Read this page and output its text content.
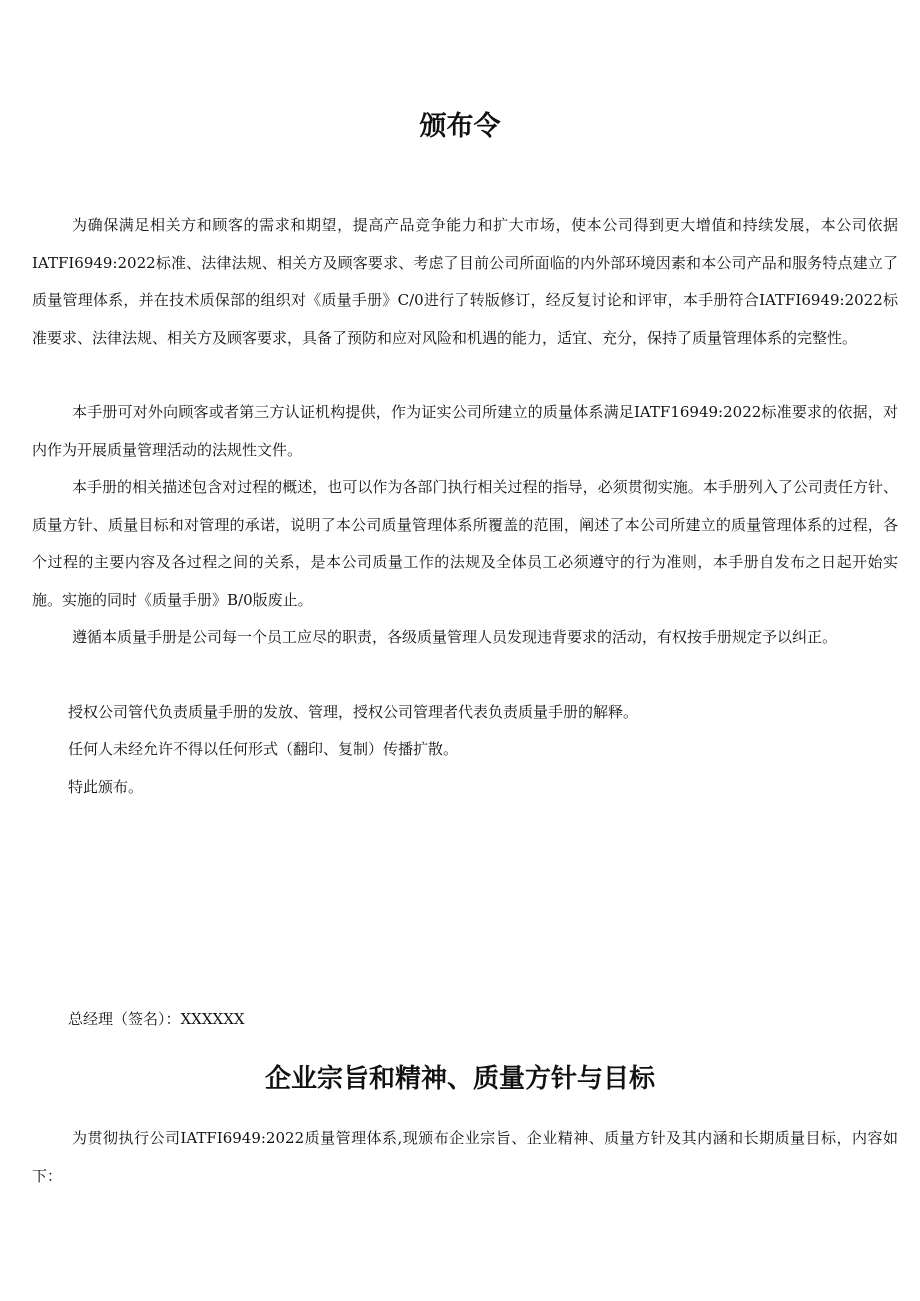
颁布令

为确保满足相关方和顾客的需求和期望，提高产品竞争能力和扩大市场，使本公司得到更大增值和持续发展，本公司依据IATFI6949:2022标准、法律法规、相关方及顾客要求、考虑了目前公司所面临的内外部环境因素和本公司产品和服务特点建立了质量管理体系，并在技术质保部的组织对《质量手册》C/0进行了转版修订，经反复讨论和评审，本手册符合IATFI6949:2022标准要求、法律法规、相关方及顾客要求，具备了预防和应对风险和机遇的能力，适宜、充分，保持了质量管理体系的完整性。

本手册可对外向顾客或者第三方认证机构提供，作为证实公司所建立的质量体系满足IATF16949:2022标准要求的依据，对内作为开展质量管理活动的法规性文件。

本手册的相关描述包含对过程的概述，也可以作为各部门执行相关过程的指导，必须贯彻实施。本手册列入了公司责任方针、质量方针、质量目标和对管理的承诺，说明了本公司质量管理体系所覆盖的范围，阐述了本公司所建立的质量管理体系的过程，各个过程的主要内容及各过程之间的关系，是本公司质量工作的法规及全体员工必须遵守的行为准则，本手册自发布之日起开始实施。实施的同时《质量手册》B/0版废止。

遵循本质量手册是公司每一个员工应尽的职责，各级质量管理人员发现违背要求的活动，有权按手册规定予以纠正。

授权公司管代负责质量手册的发放、管理，授权公司管理者代表负责质量手册的解释。

任何人未经允许不得以任何形式（翻印、复制）传播扩散。

特此颁布。

总经理（签名）：XXXXXX

企业宗旨和精神、质量方针与目标

为贯彻执行公司IATFI6949:2022质量管理体系,现颁布企业宗旨、企业精神、质量方针及其内涵和长期质量目标，内容如下：
